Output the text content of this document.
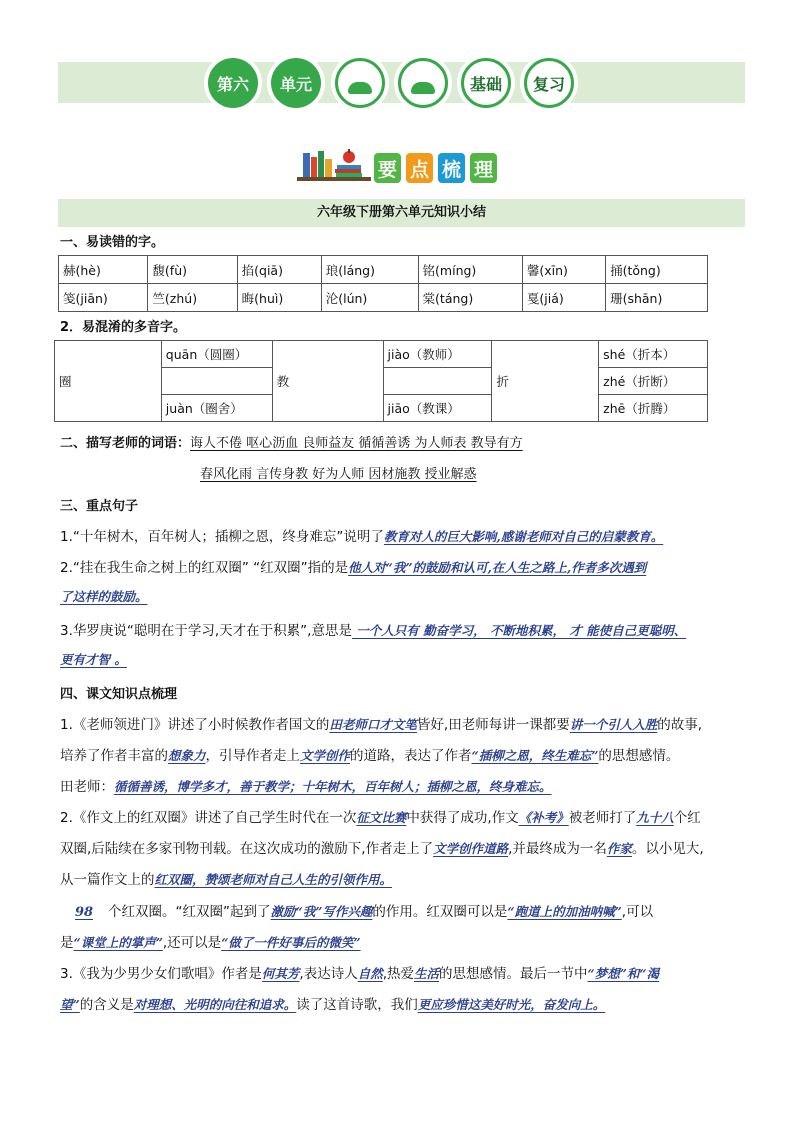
第六 单元	基础 复习
要 点 梳 理
六年级下册第六单元知识小结
一、易读错的字。
赫(hè)	馥(fù)	掐(qiā)	琅(láng)	铭(míng)	馨(xīn)	捅(tǒng)
笺(jiān)	竺(zhú)	晦(huì)	沦(lún)	棠(táng)	戛(jiá)	珊(shān)
2．易混淆的多音字。
圈	quān（圆圈）	教	jiào（教师）	折	shé（折本）
					zhé（折断）
	juàn（圈舍）		jiāo（教课）		zhē（折腾）
二、描写老师的词语：诲人不倦 呕心沥血 良师益友 循循善诱 为人师表 教导有方
春风化雨 言传身教 好为人师 因材施教 授业解惑
三、重点句子
1.“十年树木，百年树人；插柳之恩，终身难忘”说明了教育对人的巨大影响,感谢老师对自己的启蒙教育。
2.“挂在我生命之树上的红双圈” “红双圈”指的是他人对“我”的鼓励和认可,在人生之路上,作者多次遇到
了这样的鼓励。
3.华罗庚说“聪明在于学习,天才在于积累”,意思是 一个人只有 勤奋学习， 不断地积累， 才 能使自己更聪明、
更有才智 。
四、课文知识点梳理
1.《老师领进门》讲述了小时候教作者国文的田老师口才文笔皆好,田老师每讲一课都要讲一个引人入胜的故事,
培养了作者丰富的想象力，引导作者走上文学创作的道路，表达了作者“插柳之恩，终生难忘”的思想感情。
田老师：循循善诱，博学多才，善于教学；十年树木，百年树人；插柳之恩，终身难忘。
2.《作文上的红双圈》讲述了自己学生时代在一次征文比赛中获得了成功,作文《补考》被老师打了九十八个红
双圈,后陆续在多家刊物刊载。在这次成功的激励下,作者走上了文学创作道路,并最终成为一名作家。以小见大,
从一篇作文上的红双圈，赞颂老师对自己人生的引领作用。
98 个红双圈。“红双圈”起到了激励“我”写作兴趣的作用。红双圈可以是“跑道上的加油呐喊”,可以
是“课堂上的掌声”,还可以是“做了一件好事后的微笑”
3.《我为少男少女们歌唱》作者是何其芳,表达诗人自然,热爱生活的思想感情。最后一节中“梦想”和“渴
望”的含义是对理想、光明的向往和追求。读了这首诗歌，我们更应珍惜这美好时光，奋发向上。
